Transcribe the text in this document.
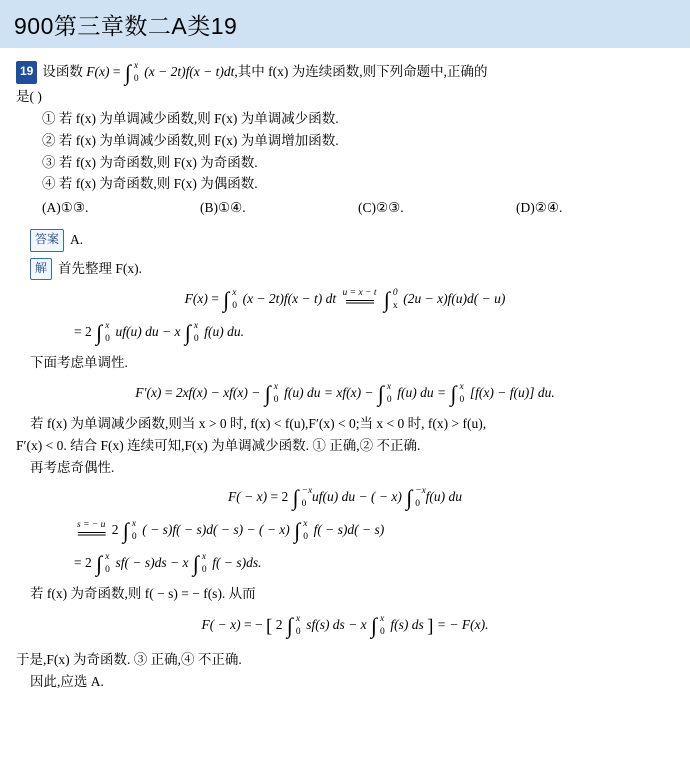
900第三章数二A类19
19 设函数 F(x) = ∫ x
0 (x − 2t)f(x − t)dt,其中 f(x) 为连续函数,则下列命题中,正确的
是( )
① 若 f(x) 为单调减少函数,则 F(x) 为单调减少函数.
② 若 f(x) 为单调减少函数,则 F(x) 为单调增加函数.
③ 若 f(x) 为奇函数,则 F(x) 为奇函数.
④ 若 f(x) 为奇函数,则 F(x) 为偶函数.
(A)①③.	(B)①④.	(C)②③.	(D)②④.
答案 A.
解 首先整理 F(x).
F(x) = ∫ x
0 (x − 2t)f(x − t) dt u = x − t
═══
∫ 0
x (2u − x)f(u)d( − u)
= 2 ∫ x
0 uf(u) du − x ∫ x
0 f(u) du.
下面考虑单调性.
F′(x) = 2xf(x) − xf(x) − ∫ x
0 f(u) du = xf(x) − ∫ x
0 f(u) du = ∫ x
0 [f(x) − f(u)] du.
若 f(x) 为单调减少函数,则当 x > 0 时, f(x) < f(u),F′(x) < 0;当 x < 0 时, f(x) > f(u),
F′(x) < 0. 结合 F(x) 连续可知,F(x) 为单调减少函数. ① 正确,② 不正确.
再考虑奇偶性.
F( − x) = 2 ∫ −x
0 uf(u) du − ( − x) ∫ −x
0 f(u) du
s = − u
═══ 2 ∫ x
0 ( − s)f( − s)d( − s) − ( − x) ∫ x
0 f( − s)d( − s)
= 2 ∫ x
0 sf( − s)ds − x ∫ x
0 f( − s)ds.
若 f(x) 为奇函数,则 f( − s) = − f(s). 从而
F( − x) = − [ 2 ∫ x
0 sf(s) ds − x ∫ x
0 f(s) ds ] = − F(x).
于是,F(x) 为奇函数. ③ 正确,④ 不正确.
因此,应选 A.
